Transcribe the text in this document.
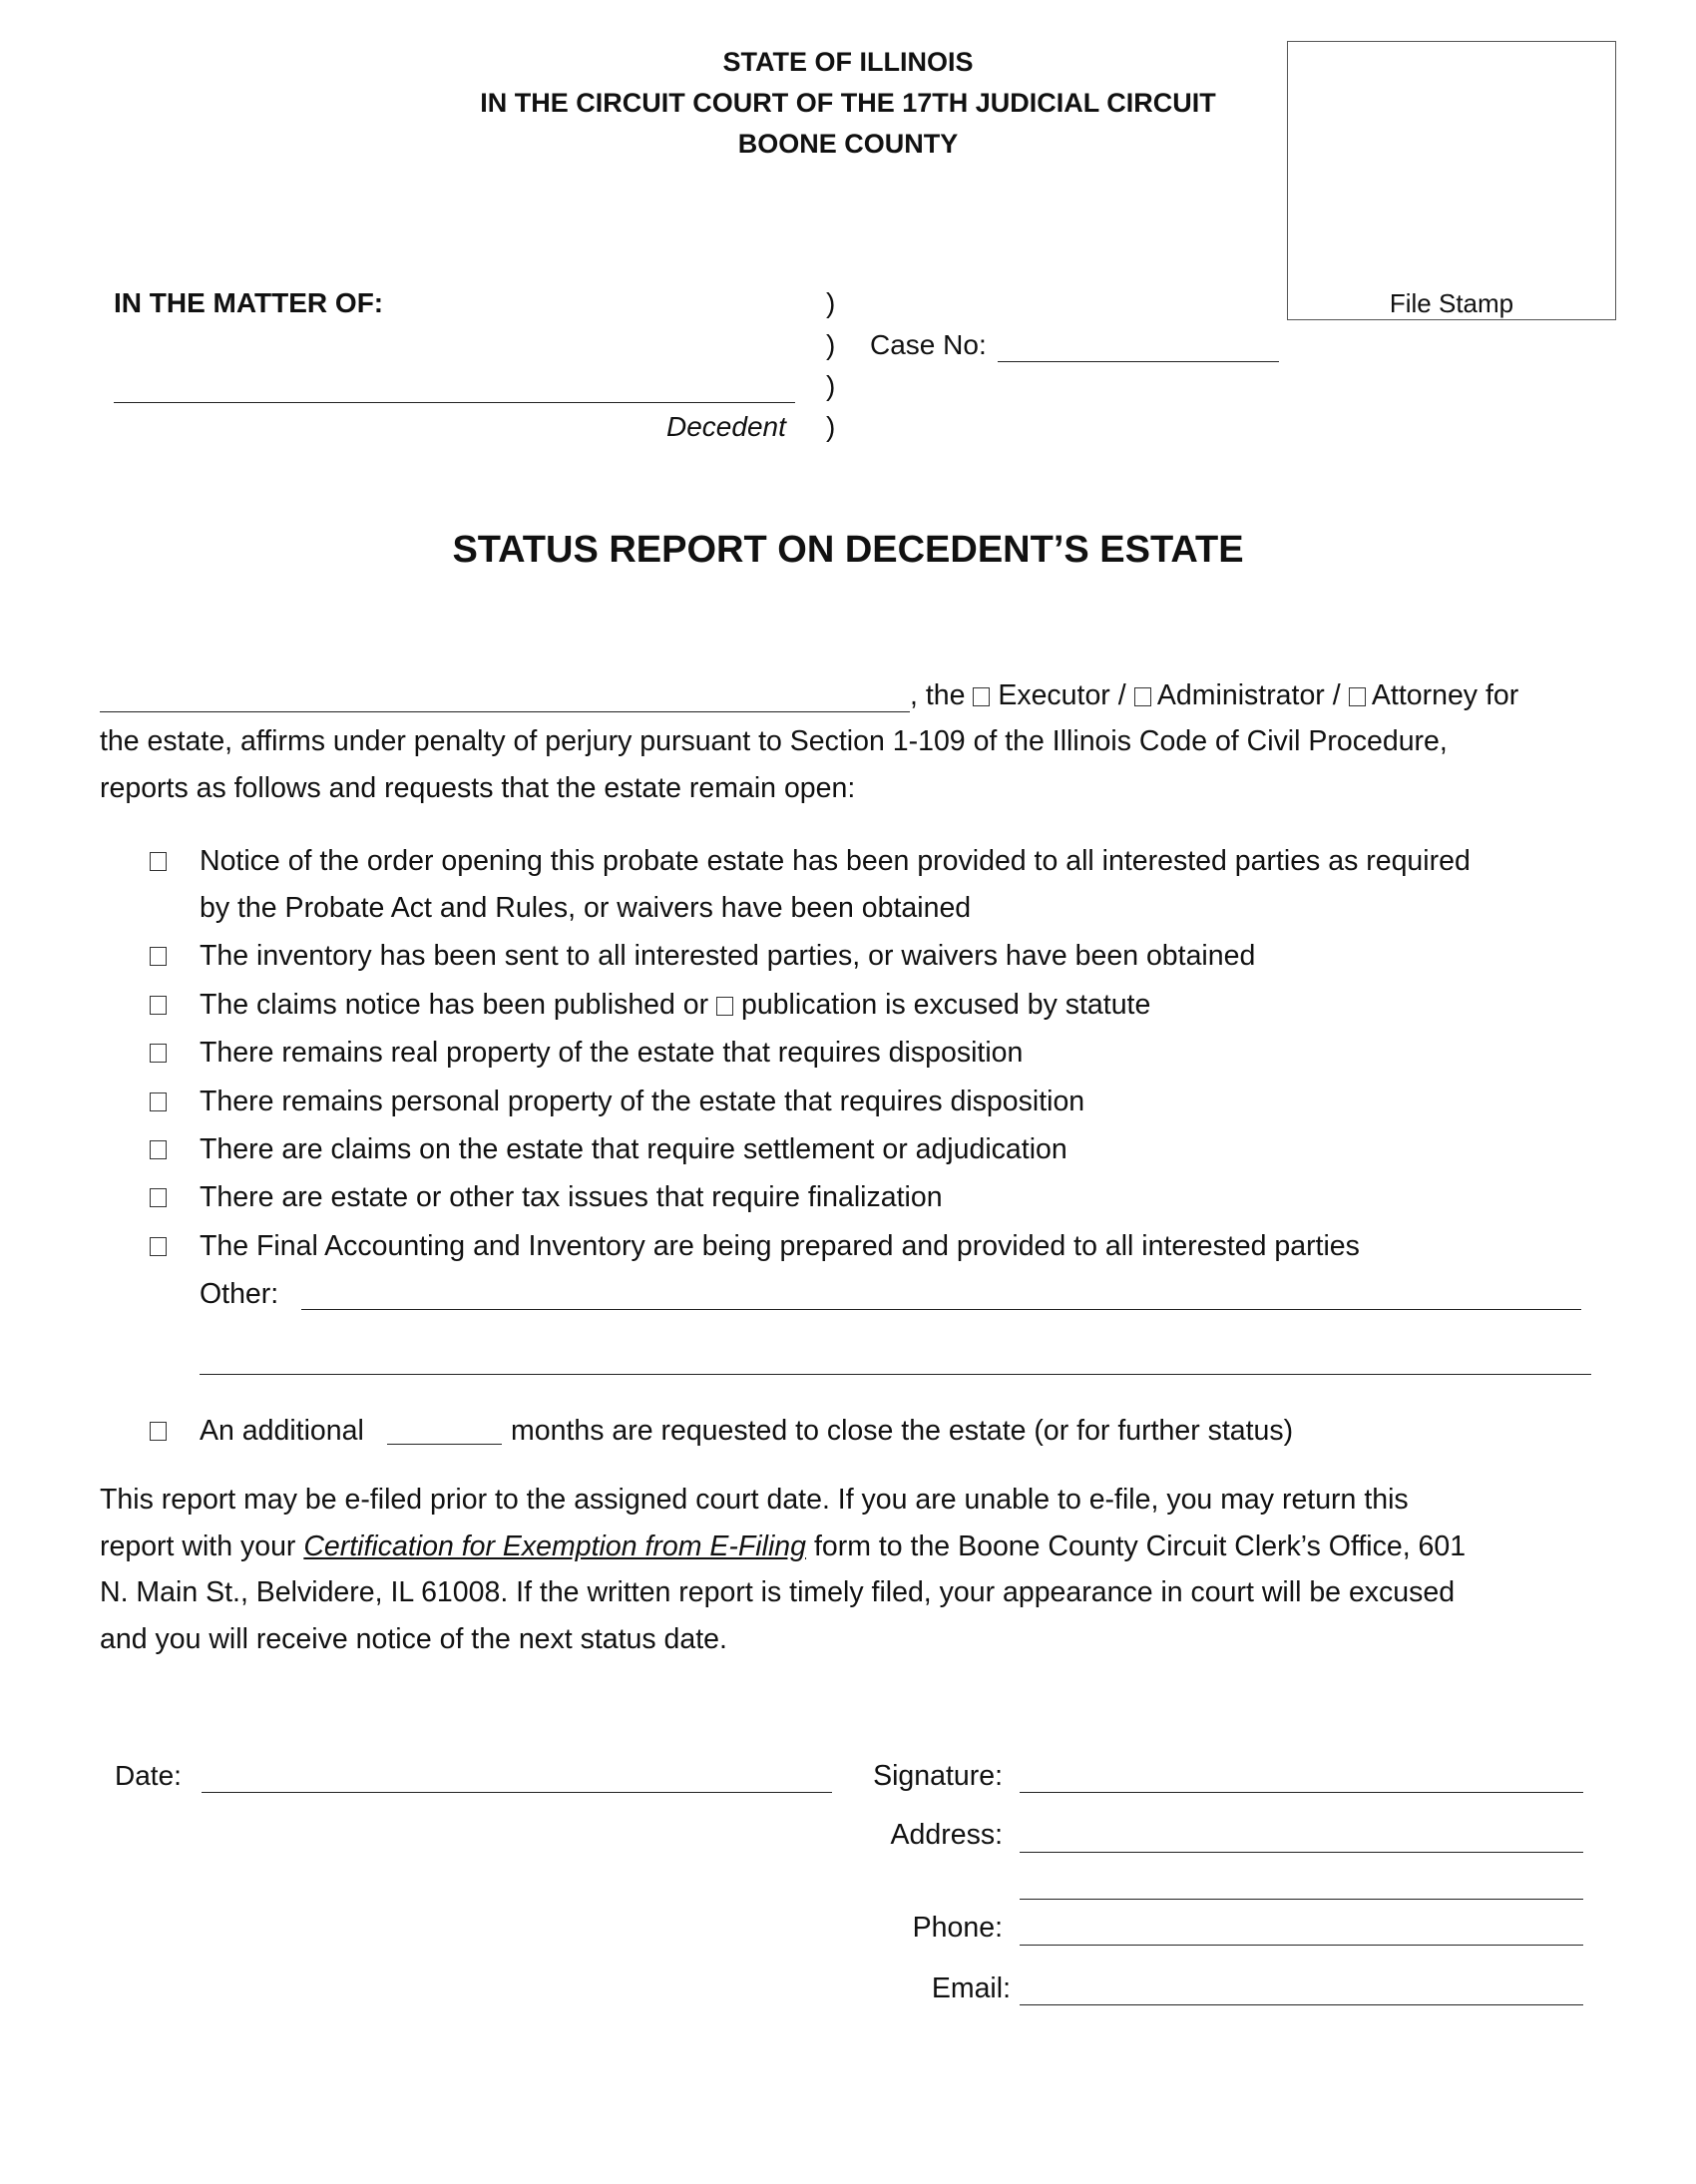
STATE OF ILLINOIS
IN THE CIRCUIT COURT OF THE 17TH JUDICIAL CIRCUIT
BOONE COUNTY
File Stamp
IN THE MATTER OF:	)
)
)
)
Decedent
Case No:
STATUS REPORT ON DECEDENT’S ESTATE
, the Executor / Administrator / Attorney for
the estate, affirms under penalty of perjury pursuant to Section 1-109 of the Illinois Code of Civil Procedure,
reports as follows and requests that the estate remain open:
Notice of the order opening this probate estate has been provided to all interested parties as required
by the Probate Act and Rules, or waivers have been obtained
The inventory has been sent to all interested parties, or waivers have been obtained
The claims notice has been published or publication is excused by statute
There remains real property of the estate that requires disposition
There remains personal property of the estate that requires disposition
There are claims on the estate that require settlement or adjudication
There are estate or other tax issues that require finalization
The Final Accounting and Inventory are being prepared and provided to all interested parties
Other:
An additional	months are requested to close the estate (or for further status)
This report may be e-filed prior to the assigned court date. If you are unable to e-file, you may return this
report with your Certification for Exemption from E-Filing form to the Boone County Circuit Clerk’s Office, 601
N. Main St., Belvidere, IL 61008. If the written report is timely filed, your appearance in court will be excused
and you will receive notice of the next status date.
Date:	Signature:
Address:
Phone:
Email:
